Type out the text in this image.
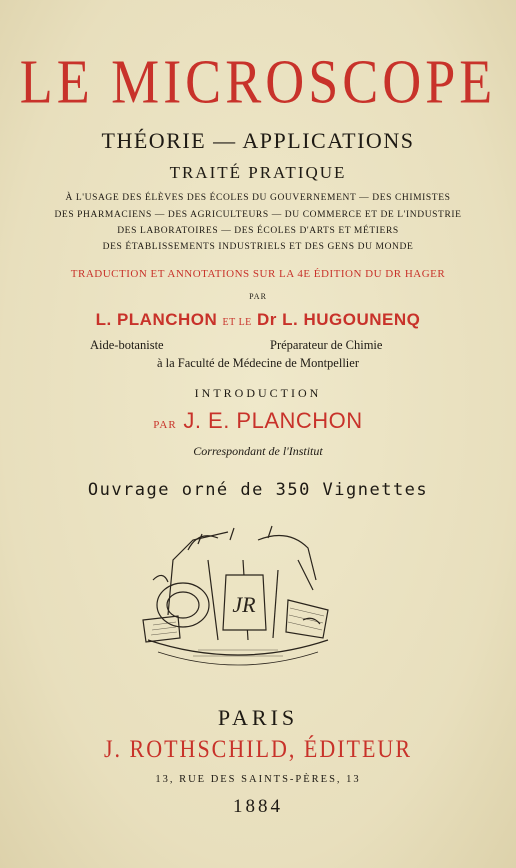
LE MICROSCOPE
THÉORIE — APPLICATIONS
TRAITÉ PRATIQUE
À L'USAGE DES ÉLÈVES DES ÉCOLES DU GOUVERNEMENT — DES CHIMISTES
DES PHARMACIENS — DES AGRICULTEURS — DU COMMERCE ET DE L'INDUSTRIE
DES LABORATOIRES — DES ÉCOLES D'ARTS ET MÉTIERS
DES ÉTABLISSEMENTS INDUSTRIELS ET DES GENS DU MONDE
TRADUCTION ET ANNOTATIONS SUR LA 4E ÉDITION DU DR HAGER
PAR
L. PLANCHON ET LE Dr L. HUGOUNENQ
Aide-botaniste	Préparateur de Chimie
à la Faculté de Médecine de Montpellier
INTRODUCTION
PAR J. E. PLANCHON
Correspondant de l'Institut
Ouvrage orné de 350 Vignettes
JR
PARIS
J. ROTHSCHILD, ÉDITEUR
13, RUE DES SAINTS-PÈRES, 13
1884
